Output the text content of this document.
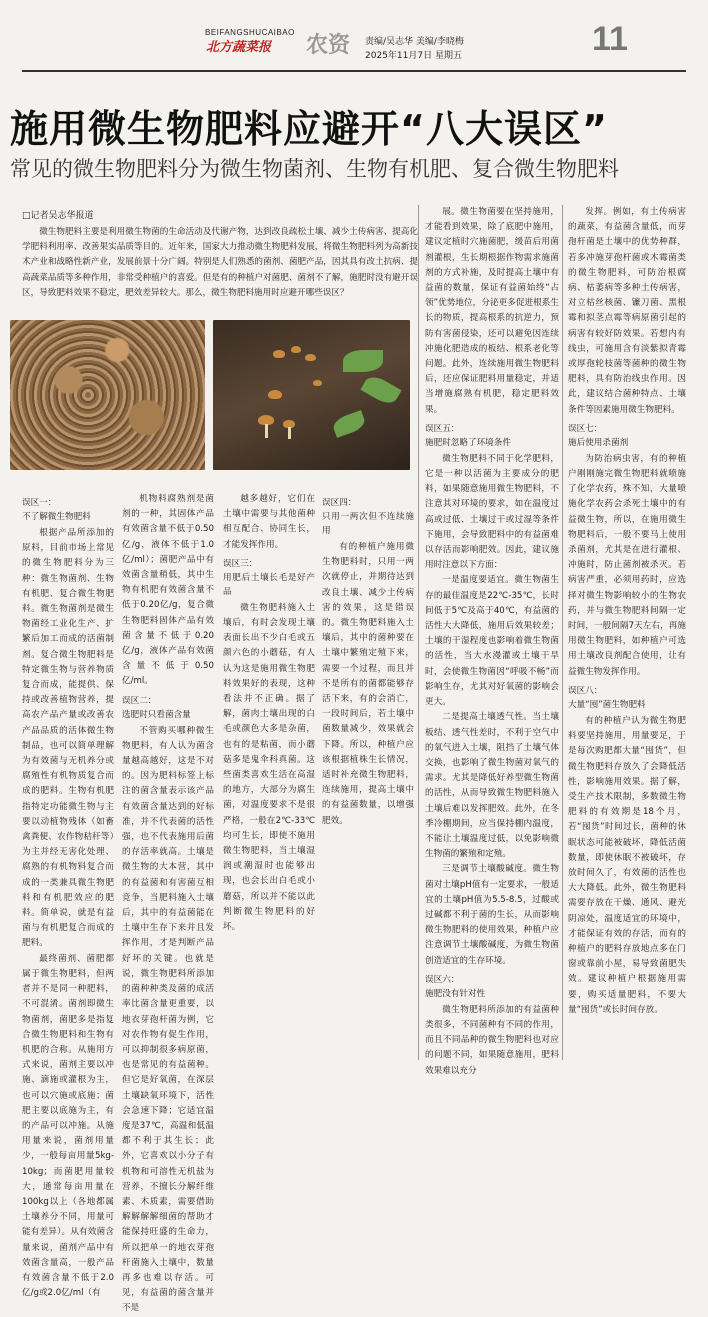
BEIFANGSHUCAIBAO
北方蔬菜报 农资 责编/吴志华 美编/李晓梅
2025年11月7日 星期五	11
施用微生物肥料应避开“八大误区”
常见的微生物肥料分为微生物菌剂、生物有机肥、复合微生物肥料
□记者吴志华报道
微生物肥料主要是利用微生物菌的生命活动及代谢产物，达到改良疏松土壤、减少土传病害、提高化学肥料利用率、改善果实品质等目的。近年来，国家大力推动微生物肥料发展，将微生物肥料列为高新技术产业和战略性新产业，发展前景十分广阔。特别是人们熟悉的菌剂、菌肥产品，因其具有改土抗病、提高蔬菜品质等多种作用，非常受种植户的喜爱。但是有的种植户对菌肥、菌剂不了解，施肥时没有避开误区，导致肥料效果不稳定，肥效差异较大。那么，微生物肥料施用时应避开哪些误区？
误区一：
不了解微生物肥料

根据产品所添加的原料，目前市场上常见的微生物肥料分为三种：微生物菌剂、生物有机肥、复合微生物肥料。微生物菌剂是微生物菌经工业化生产、扩繁后加工而成的活菌制剂。复合微生物肥料是特定微生物与营养物质复合而成，能提供、保持或改善植物营养，提高农产品产量或改善农产品品质的活体微生物制品，也可以简单理解为有效菌与无机养分或腐殖性有机物质复合而成的肥料。生物有机肥指特定功能微生物与主要以动植物残体（如畜禽粪便、农作物秸秆等）为主并经无害化处理、腐熟的有机物料复合而成的一类兼具微生物肥料和有机肥效应的肥料。简单说，就是有益菌与有机肥复合而成的肥料。

最终菌剂、菌肥都属于微生物肥料，但两者并不是同一种肥料，不可混淆。菌剂即微生物菌剂，菌肥多是指复合微生物肥料和生物有机肥的合称。从施用方式来说，菌剂主要以冲施、滴施或灌根为主，也可以穴施或底施；菌肥主要以底施为主，有的产品可以冲施。从施用量来说，菌剂用量少，一般每亩用量5kg-10kg；而菌肥用量较大，通常每亩用量在100kg以上（各地都属土壤养分不同，用量可能有差异）。从有效菌含量来说，菌剂产品中有效菌含量高，一般产品有效菌含量不低于2.0亿/g或2.0亿/ml（有

机物料腐熟剂是菌剂的一种，其固体产品有效菌含量不低于0.50亿/g，液体不低于1.0亿/ml）；菌肥产品中有效菌含量稍低，其中生物有机肥有效菌含量不低于0.20亿/g，复合微生物肥料固体产品有效菌含量不低于0.20亿/g，液体产品有效菌含量不低于0.50亿/ml。

误区二：
选肥时只看菌含量

不管购买哪种微生物肥料，有人认为菌含量越高越好，这是不对的。因为肥料标签上标注的菌含量表示该产品有效菌含量达到的好标准，并不代表菌的活性强，也不代表施用后菌的存活率就高。土壤是微生物的大本营，其中的有益菌和有害菌互相竞争，当肥料施入土壤后，其中的有益菌能在土壤中生存下来并且发挥作用，才是判断产品好坏的关键。也就是说，微生物肥料所添加的菌种种类及菌的成活率比菌含量更重要，以地衣芽孢杆菌为例，它对农作物有促生作用，可以抑制很多病原菌，也是常见的有益菌种。但它是好氧菌，在深层土壤缺氧环境下，活性会急速下降；它适宜温度是37℃，高温和低温都不利于其生长；此外，它喜欢以小分子有机物和可溶性无机盐为营养，不擅长分解纤维素、木质素，需要借助解解解解细菌的帮助才能保持旺盛的生命力，所以把单一的地衣芽孢杆菌施入土壤中，数量再多也难以存活。可见，有益菌的菌含量并不是

越多越好，它们在土壤中需要与其他菌种相互配合、协同生长，才能发挥作用。

误区三：
用肥后土壤长毛是好产品

微生物肥料施入土壤后，有时会发现土壤表面长出不少白毛或五颜六色的小蘑菇，有人认为这是施用微生物肥料效果好的表现，这种看法并不正确。据了解，菌肉土壤出现的白毛或颜色大多是杂菌，也有的是粘菌，而小蘑菇多是鬼伞科真菌。这些菌类喜欢生活在高湿的地方，大部分为腐生菌，对温度要求不是很严格，一般在2℃-33℃均可生长，即使不施用微生物肥料，当土壤湿润或潮湿时也能够出现，也会长出白毛或小蘑菇，所以并不能以此判断微生物肥料的好坏。

误区四：
只用一两次但不连续施用

有的种植户施用微生物肥料时，只用一两次就停止，并期待达到改良土壤、减少土传病害的效果，这是错误的。微生物肥料施入土壤后，其中的菌种要在土壤中繁殖定殖下来，需要一个过程，而且并不是所有的菌都能够存活下来，有的会消亡，一段时间后，若土壤中菌数量减少，效果就会下降。所以，种植户应该根据植株生长情况，适时补充微生物肥料，连续施用，提高土壤中的有益菌数量，以增强肥效。

展。微生物菌要在坚持施用，才能看到效果，除了底肥中施用，建议定植时穴施菌肥，缓苗后用菌剂灌根，生长期根据作物需求施菌剂的方式补施，及时提高土壤中有益菌的数量，保证有益菌始终“占领”优势地位，分泌更多促进根系生长的物质，提高根系的抗逆力，预防有害菌侵染，还可以避免因连续冲施化肥造成的板结、根系老化等问题。此外，连续施用微生物肥料后，还应保证肥料用量稳定，并适当增施腐熟有机肥，稳定肥料效果。

误区五：
施肥时忽略了环境条件

微生物肥料不同于化学肥料，它是一种以活菌为主要成分的肥料，如果随意施用微生物肥料，不注意其对环境的要求，如在温度过高或过低、土壤过干或过湿等条件下施用，会导致肥料中的有益菌难以存活而影响肥效。因此，建议施用时注意以下方面：

一是温度要适宜。微生物菌生存的最佳温度是22℃-35℃，长时间低于5℃及高于40℃，有益菌的活性大大降低，施用后效果较差；土壤的干湿程度也影响着微生物菌的活性，当大水漫灌或土壤干旱时，会使微生物菌因“呼吸不畅”而影响生存，尤其对好氧菌的影响会更大。

二是提高土壤透气性。当土壤板结、透气性差时，不利于空气中的氧气进入土壤，阻挡了土壤气体交换，也影响了微生物菌对氧气的需求。尤其是降低好养型微生物菌的活性，从而导致微生物肥料施入土壤后难以发挥肥效。此外，在冬季冷棚期间，应当保持棚内温度，不能让土壤温度过低，以免影响微生物菌的繁殖和定殖。

三是调节土壤酸碱度。微生物菌对土壤pH值有一定要求，一般适宜的土壤pH值为5.5-8.5，过酸或过碱都不利于菌的生长，从而影响微生物肥料的使用效果，种植户应注意调节土壤酸碱度，为微生物菌创造适宜的生存环境。

误区六：
施肥没有针对性

微生物肥料所添加的有益菌种类很多，不同菌种有不同的作用，而且不同品种的微生物肥料也对应的问题不同，如果随意施用，肥料效果难以充分

发挥。例如，有土传病害的蔬菜，有益菌含量低，而芽孢杆菌是土壤中的优势种群，若多冲施芽孢杆菌或木霉菌类的微生物肥料，可防治根腐病、枯萎病等多种土传病害，对立枯丝核菌、镰刀菌、黑根霉和拟茎点霉等病原菌引起的病害有较好防效果。若想内有线虫，可施用含有淡紫拟青霉或厚孢轮枝菌等菌种的微生物肥料，具有防治线虫作用。因此，建议结合菌种特点、土壤条件等因素施用微生物肥料。

误区七：
施后使用杀菌剂

为防治病虫害，有的种植户刚刚施完微生物肥料就喷施了化学农药，殊不知，大量喷施化学农药会杀死土壤中的有益微生物，所以，在施用微生物肥料后，一般不要马上使用杀菌剂，尤其是在进行灌根、冲施时，防止菌剂被杀灭。若病害严重，必须用药时，应选择对微生物影响较小的生物农药，并与微生物肥料间隔一定时间，一般间隔7天左右，再施用微生物肥料，如种植户可选用土壤改良剂配合使用，让有益微生物发挥作用。

误区八：
大量“囤”菌生物肥料

有的种植户认为微生物肥料要坚持施用，用量要足，于是每次购肥都大量“囤货”，但微生物肥料存放久了会降低活性，影响施用效果。据了解，受生产技术限制，多数微生物肥料的有效期是18个月，若“囤货”时间过长，菌种的休眠状态可能被破坏，降低活菌数量，即使休眠不被破坏，存放时间久了，有效菌的活性也大大降低。此外，微生物肥料需要存放在干燥、通风、避光阴凉处，温度适宜的环境中，才能保证有效的存活，而有的种植户的肥料存放地点多在门窗或靠前小屋，易导致菌肥失效。建议种植户根据施用需要，购买适量肥料，不要大量“囤货”或长时间存放。
